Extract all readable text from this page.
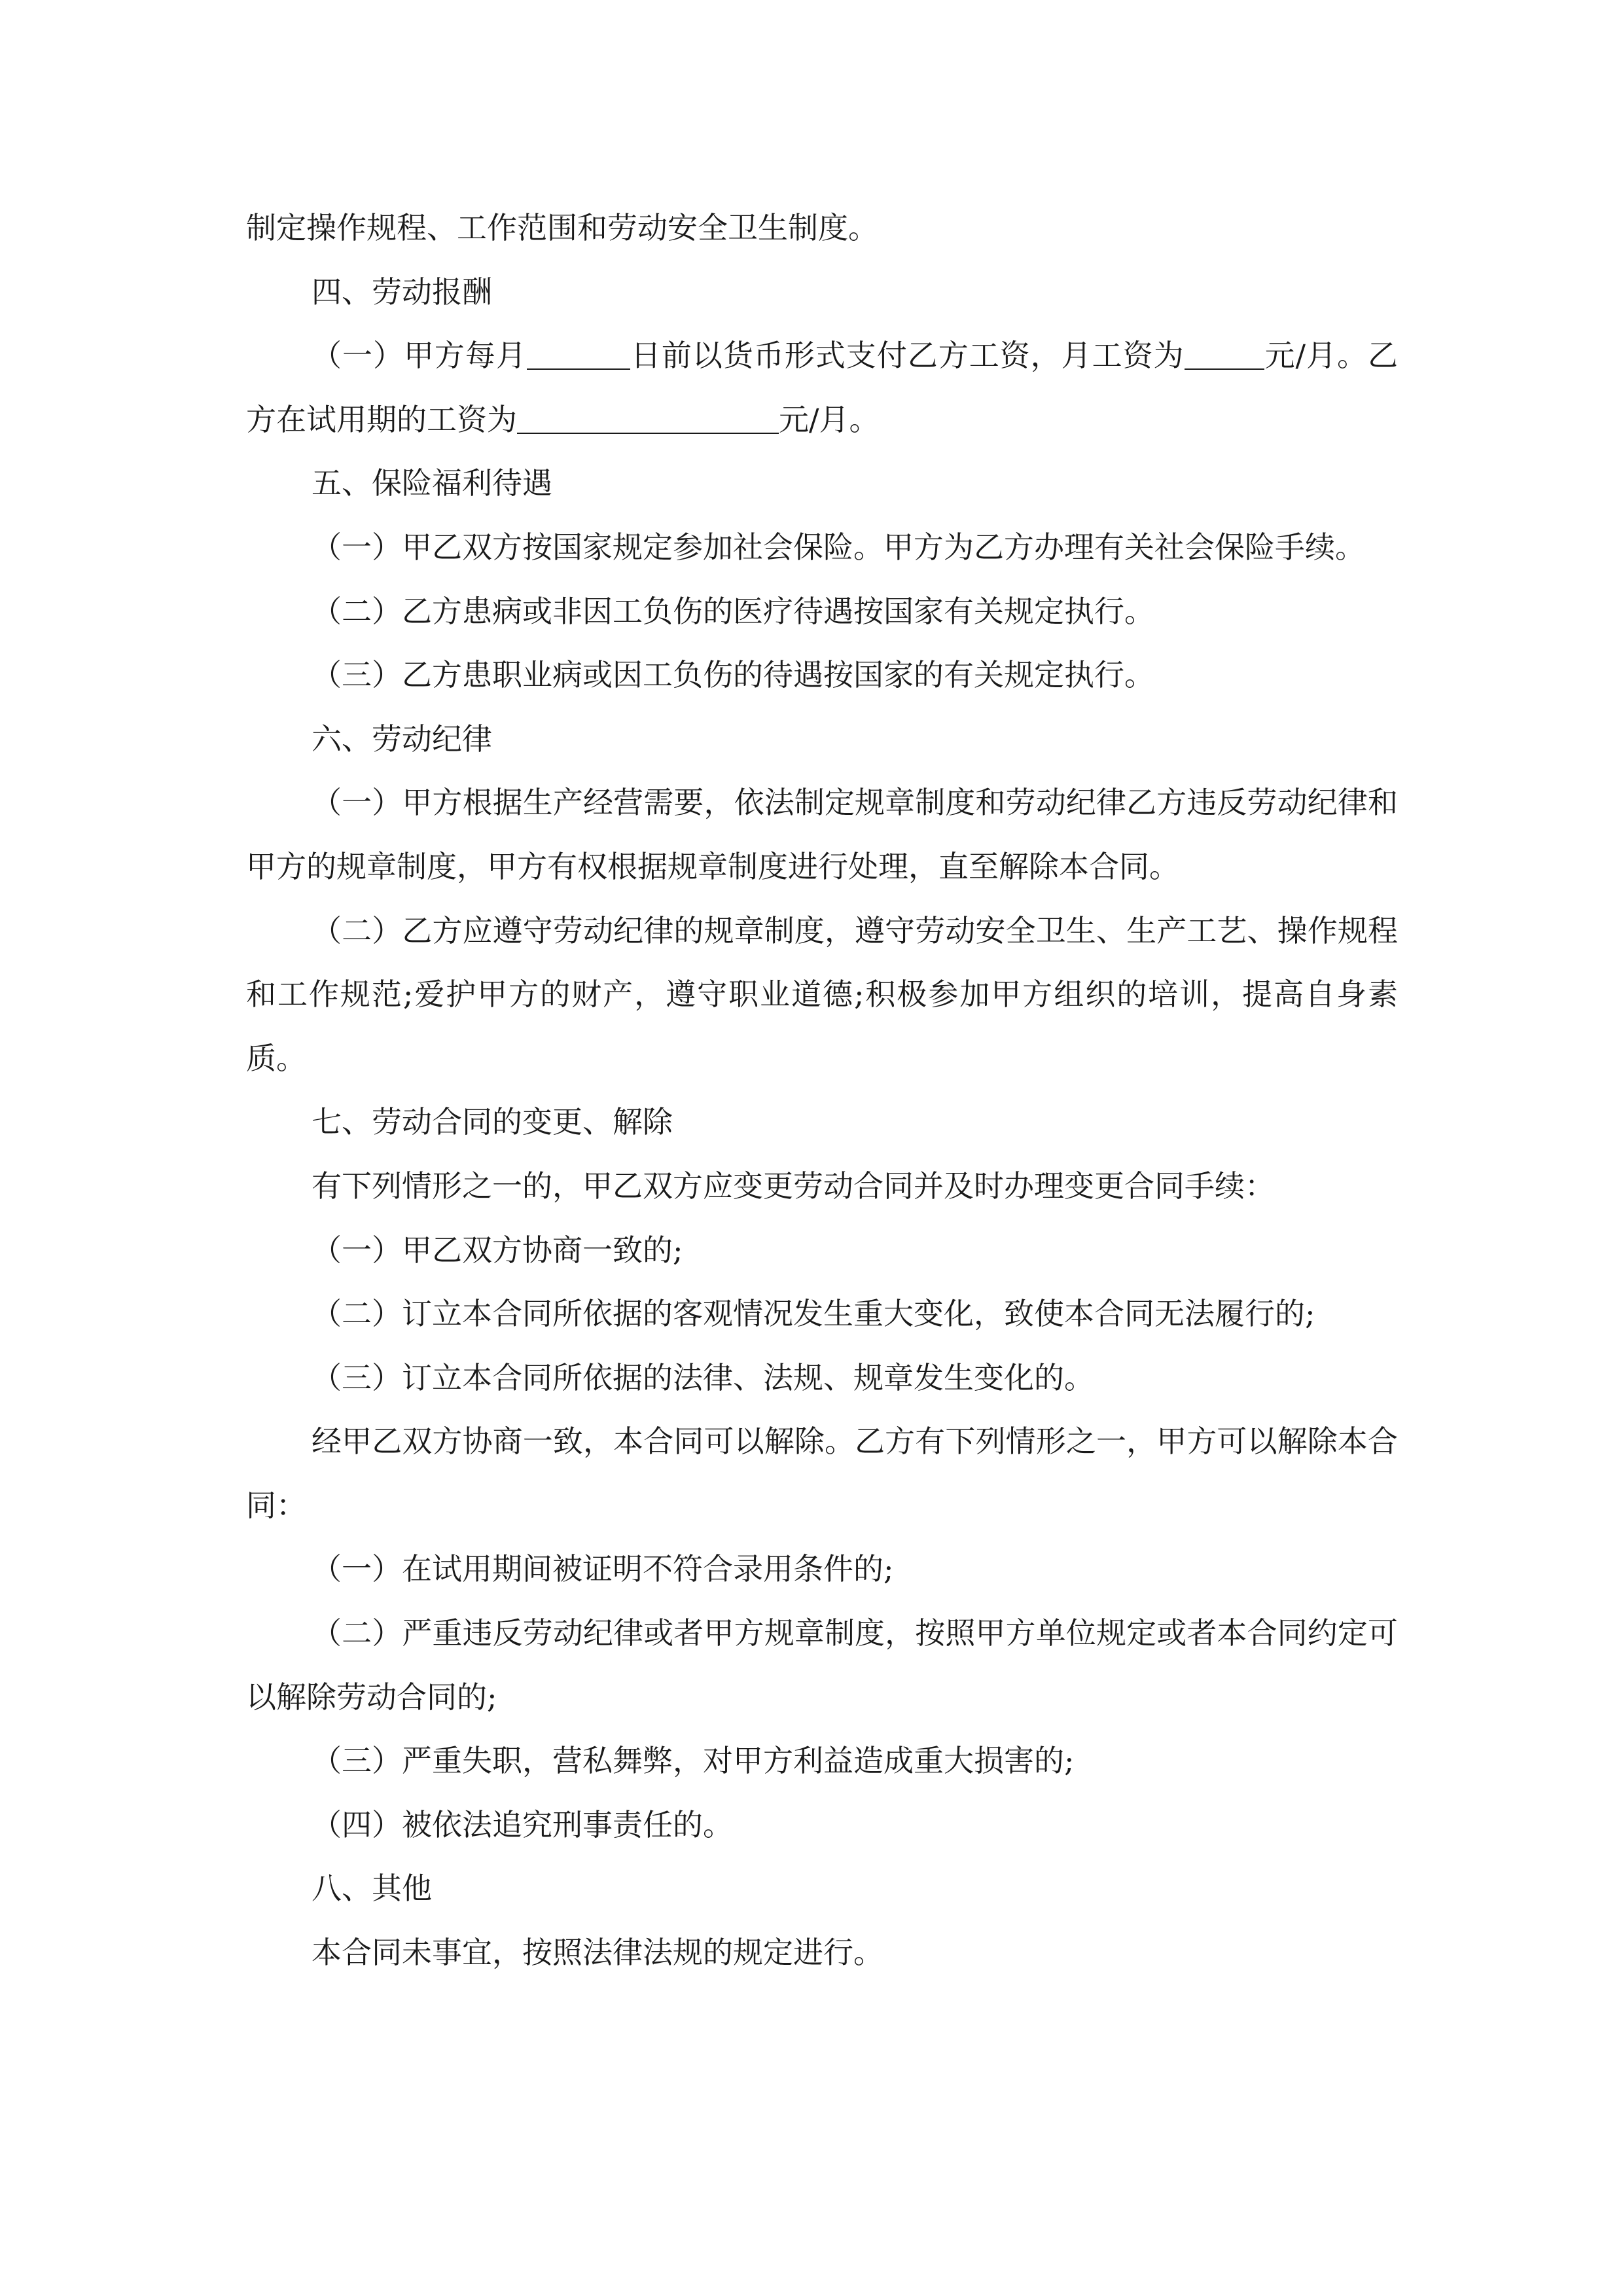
制定操作规程、工作范围和劳动安全卫生制度。

四、劳动报酬

（一）甲方每月	日前以货币形式支付乙方工资，月工资为	元/月。乙方在试用期的工资为	元/月。

五、保险福利待遇

（一）甲乙双方按国家规定参加社会保险。甲方为乙方办理有关社会保险手续。

（二）乙方患病或非因工负伤的医疗待遇按国家有关规定执行。

（三）乙方患职业病或因工负伤的待遇按国家的有关规定执行。

六、劳动纪律

（一）甲方根据生产经营需要，依法制定规章制度和劳动纪律乙方违反劳动纪律和甲方的规章制度，甲方有权根据规章制度进行处理，直至解除本合同。

（二）乙方应遵守劳动纪律的规章制度，遵守劳动安全卫生、生产工艺、操作规程和工作规范;爱护甲方的财产，遵守职业道德;积极参加甲方组织的培训，提高自身素质。

七、劳动合同的变更、解除

有下列情形之一的，甲乙双方应变更劳动合同并及时办理变更合同手续：

（一）甲乙双方协商一致的;

（二）订立本合同所依据的客观情况发生重大变化，致使本合同无法履行的;

（三）订立本合同所依据的法律、法规、规章发生变化的。

经甲乙双方协商一致，本合同可以解除。乙方有下列情形之一，甲方可以解除本合同：

（一）在试用期间被证明不符合录用条件的;

（二）严重违反劳动纪律或者甲方规章制度，按照甲方单位规定或者本合同约定可以解除劳动合同的;

（三）严重失职，营私舞弊，对甲方利益造成重大损害的;

（四）被依法追究刑事责任的。

八、其他

本合同未事宜，按照法律法规的规定进行。
